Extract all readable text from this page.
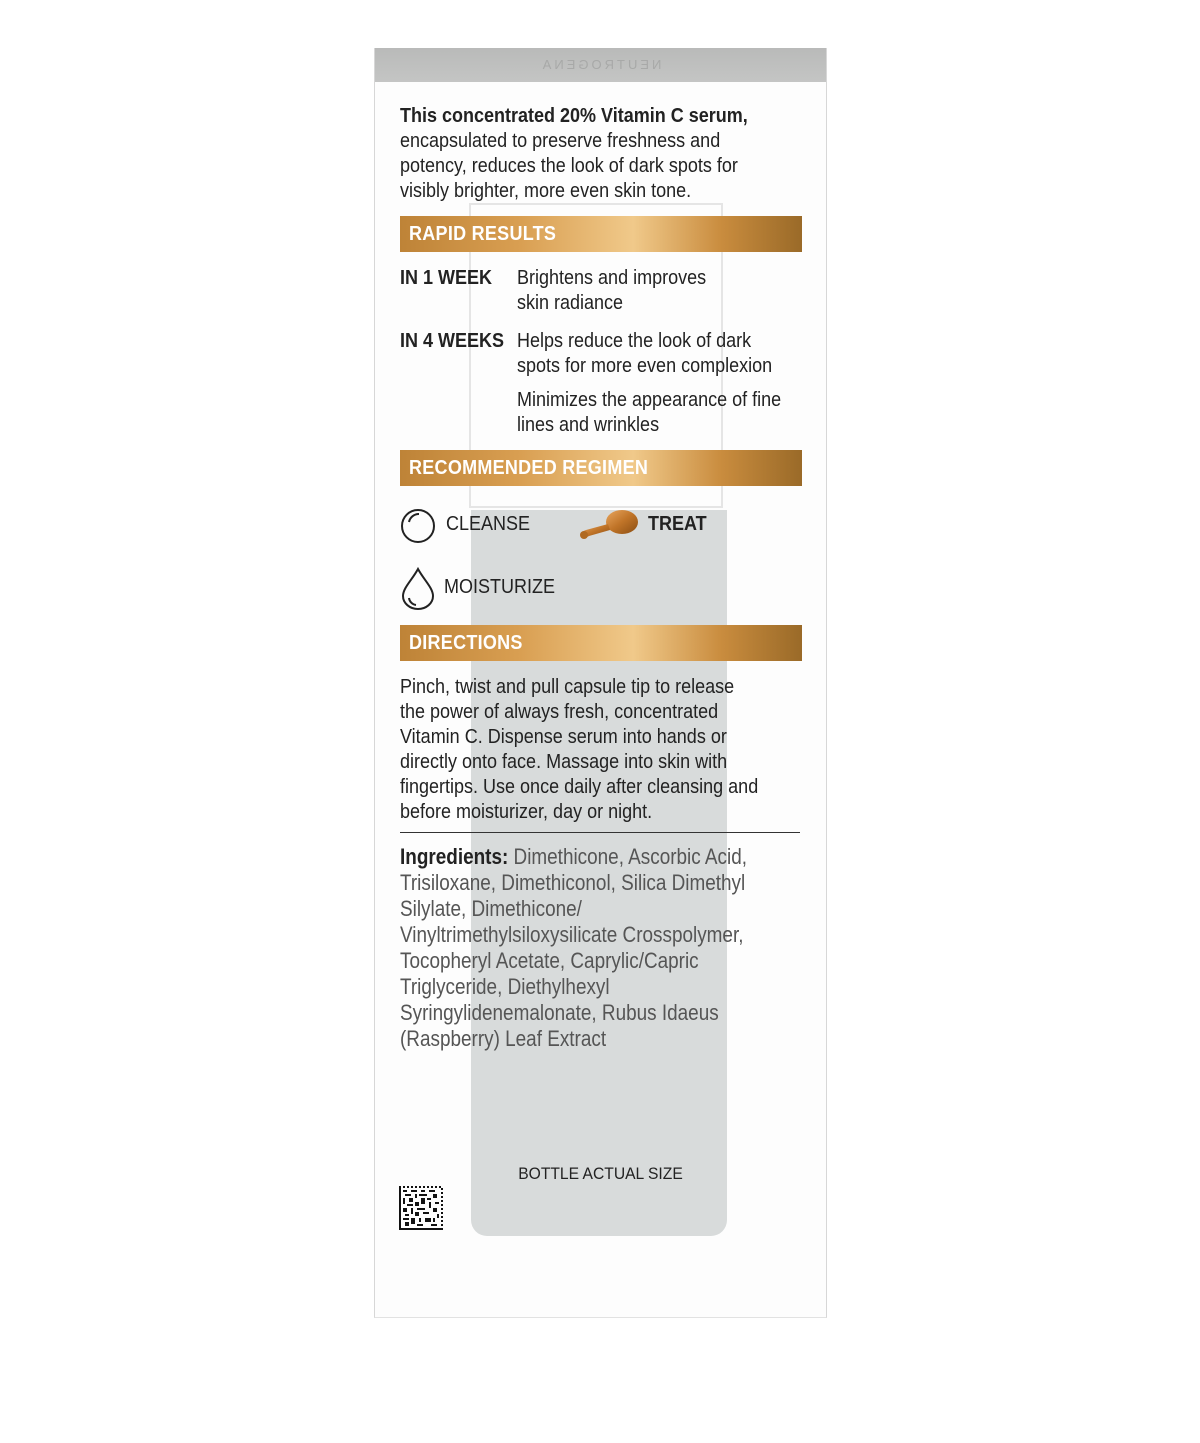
NEUTROGENA
BOTTLE ACTUAL SIZE
This concentrated 20% Vitamin C serum,
encapsulated to preserve freshness and
potency, reduces the look of dark spots for
visibly brighter, more even skin tone.
RAPID RESULTS
IN 1 WEEK Brightens and improves
skin radiance
IN 4 WEEKS Helps reduce the look of dark
spots for more even complexion
Minimizes the appearance of fine
lines and wrinkles
RECOMMENDED REGIMEN
CLEANSE	TREAT
MOISTURIZE
DIRECTIONS
Pinch, twist and pull capsule tip to release
the power of always fresh, concentrated
Vitamin C. Dispense serum into hands or
directly onto face. Massage into skin with
fingertips. Use once daily after cleansing and
before moisturizer, day or night.
Ingredients: Dimethicone, Ascorbic Acid,
Trisiloxane, Dimethiconol, Silica Dimethyl
Silylate, Dimethicone/
Vinyltrimethylsiloxysilicate Crosspolymer,
Tocopheryl Acetate, Caprylic/Capric
Triglyceride, Diethylhexyl
Syringylidenemalonate, Rubus Idaeus
(Raspberry) Leaf Extract
